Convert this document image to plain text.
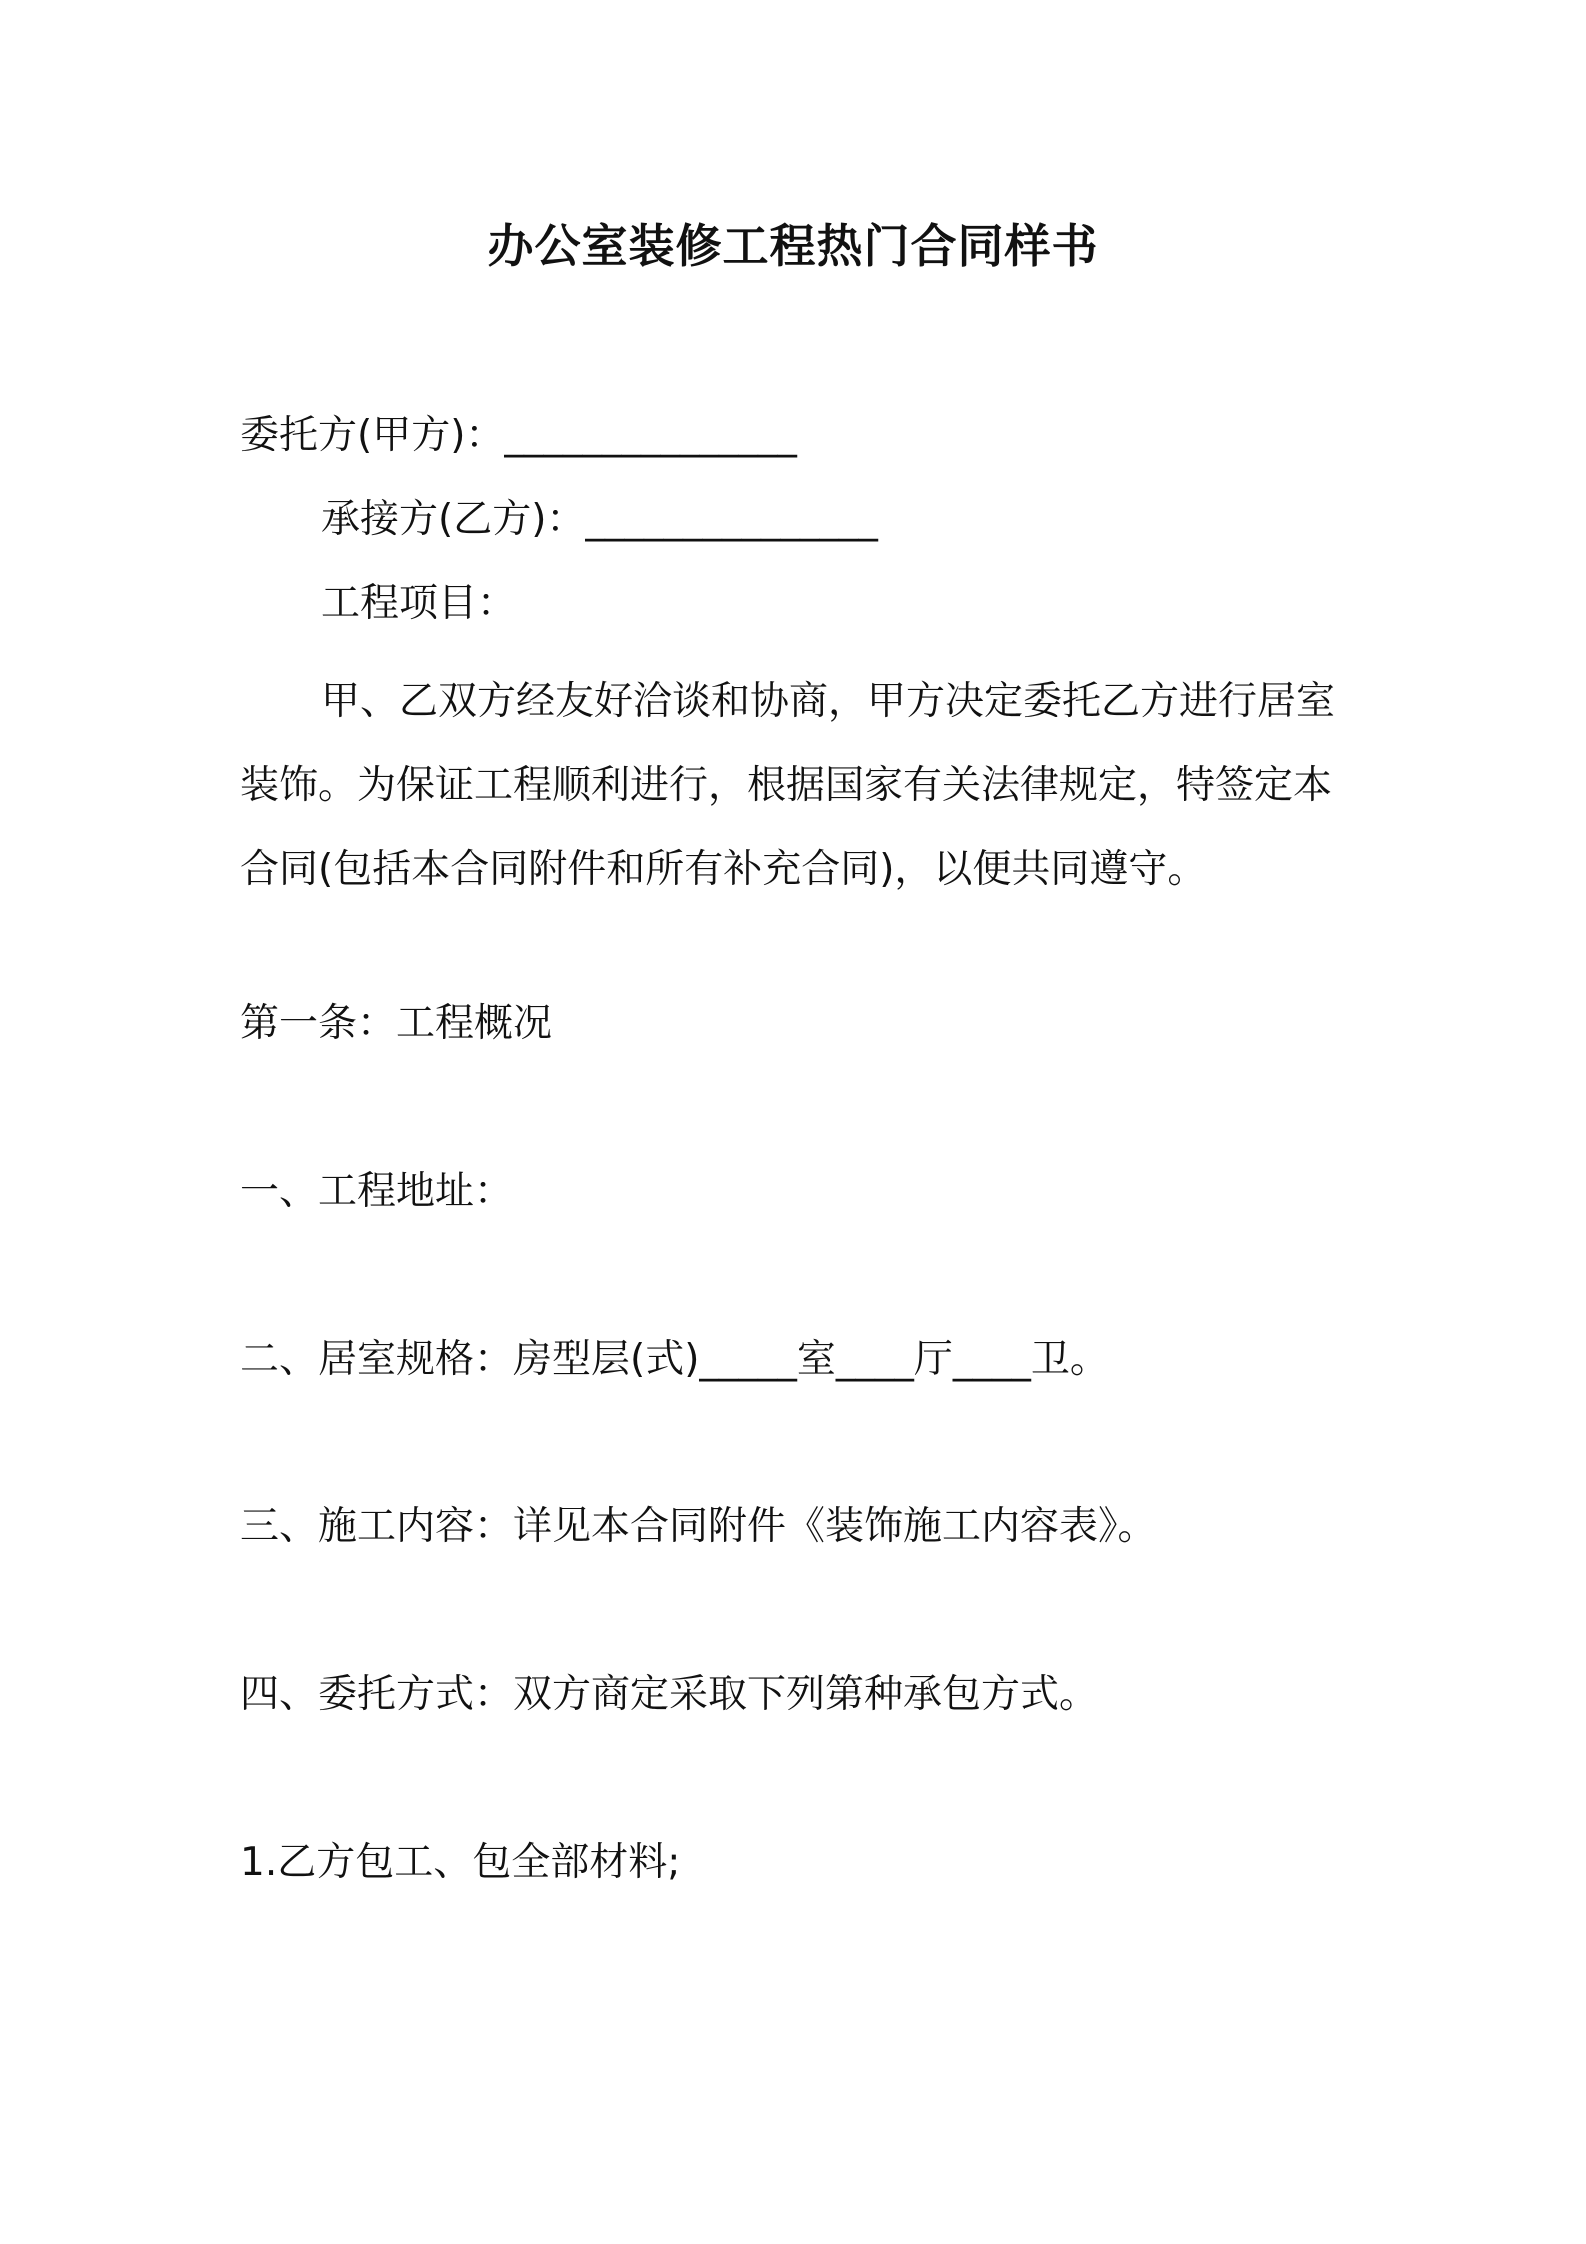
办公室装修工程热门合同样书
委托方(甲方)：_______________
承接方(乙方)：_______________
工程项目：
甲、乙双方经友好洽谈和协商，甲方决定委托乙方进行居室装饰。为保证工程顺利进行，根据国家有关法律规定，特签定本合同(包括本合同附件和所有补充合同)，以便共同遵守。
第一条：工程概况
一、工程地址：
二、居室规格：房型层(式)_____室____厅____卫。
三、施工内容：详见本合同附件《装饰施工内容表》。
四、委托方式：双方商定采取下列第种承包方式。
1.乙方包工、包全部材料;
